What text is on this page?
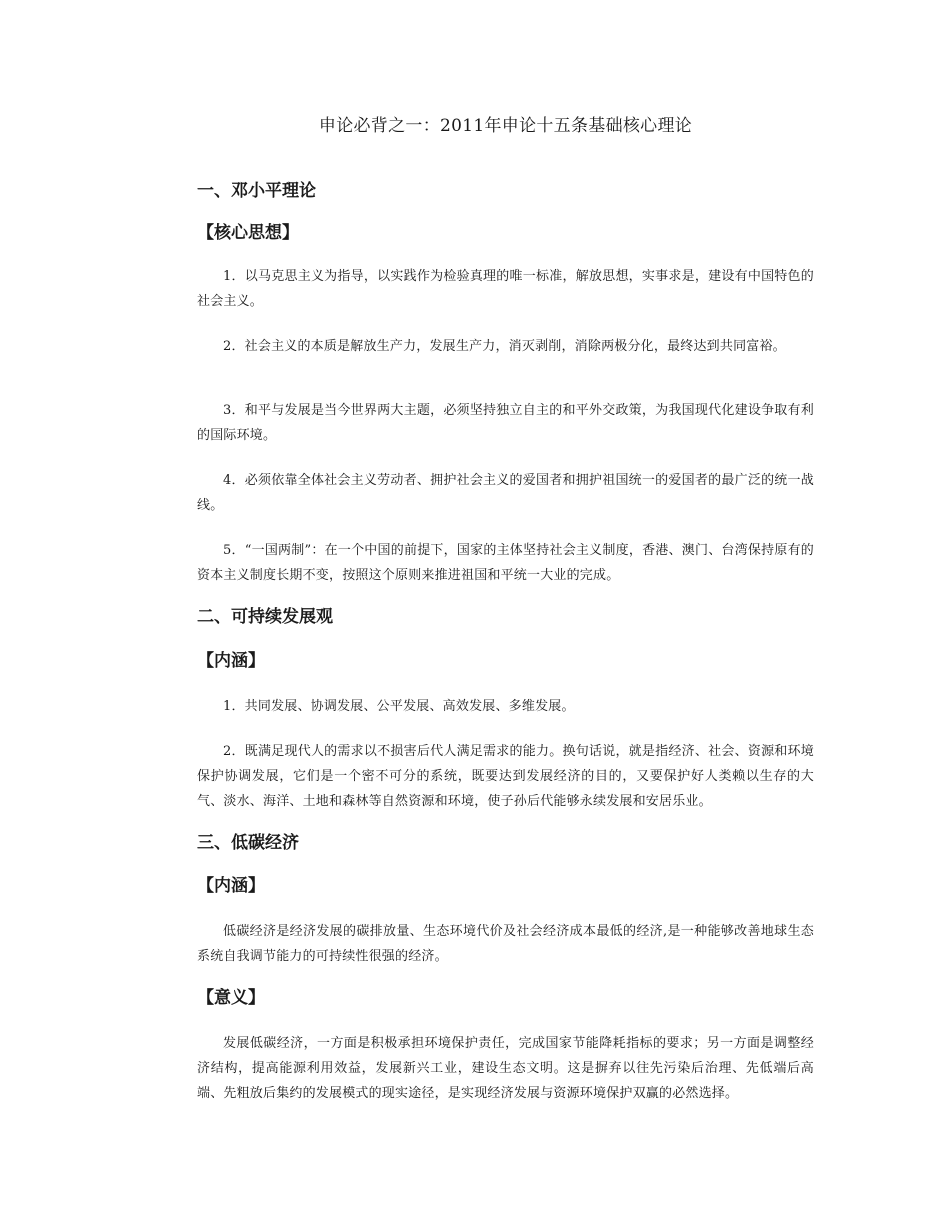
申论必背之一：2011年申论十五条基础核心理论
一、邓小平理论
【核心思想】

1．以马克思主义为指导，以实践作为检验真理的唯一标准，解放思想，实事求是，建设有中国特色的社会主义。

2．社会主义的本质是解放生产力，发展生产力，消灭剥削，消除两极分化，最终达到共同富裕。

3．和平与发展是当今世界两大主题，必须坚持独立自主的和平外交政策，为我国现代化建设争取有利的国际环境。

4．必须依靠全体社会主义劳动者、拥护社会主义的爱国者和拥护祖国统一的爱国者的最广泛的统一战线。

5．“一国两制”：在一个中国的前提下，国家的主体坚持社会主义制度，香港、澳门、台湾保持原有的资本主义制度长期不变，按照这个原则来推进祖国和平统一大业的完成。

二、可持续发展观
【内涵】

1．共同发展、协调发展、公平发展、高效发展、多维发展。

2．既满足现代人的需求以不损害后代人满足需求的能力。换句话说，就是指经济、社会、资源和环境保护协调发展，它们是一个密不可分的系统，既要达到发展经济的目的，又要保护好人类赖以生存的大气、淡水、海洋、土地和森林等自然资源和环境，使子孙后代能够永续发展和安居乐业。

三、低碳经济
【内涵】

低碳经济是经济发展的碳排放量、生态环境代价及社会经济成本最低的经济,是一种能够改善地球生态系统自我调节能力的可持续性很强的经济。

【意义】

发展低碳经济，一方面是积极承担环境保护责任，完成国家节能降耗指标的要求；另一方面是调整经济结构，提高能源利用效益，发展新兴工业，建设生态文明。这是摒弃以往先污染后治理、先低端后高端、先粗放后集约的发展模式的现实途径，是实现经济发展与资源环境保护双赢的必然选择。
